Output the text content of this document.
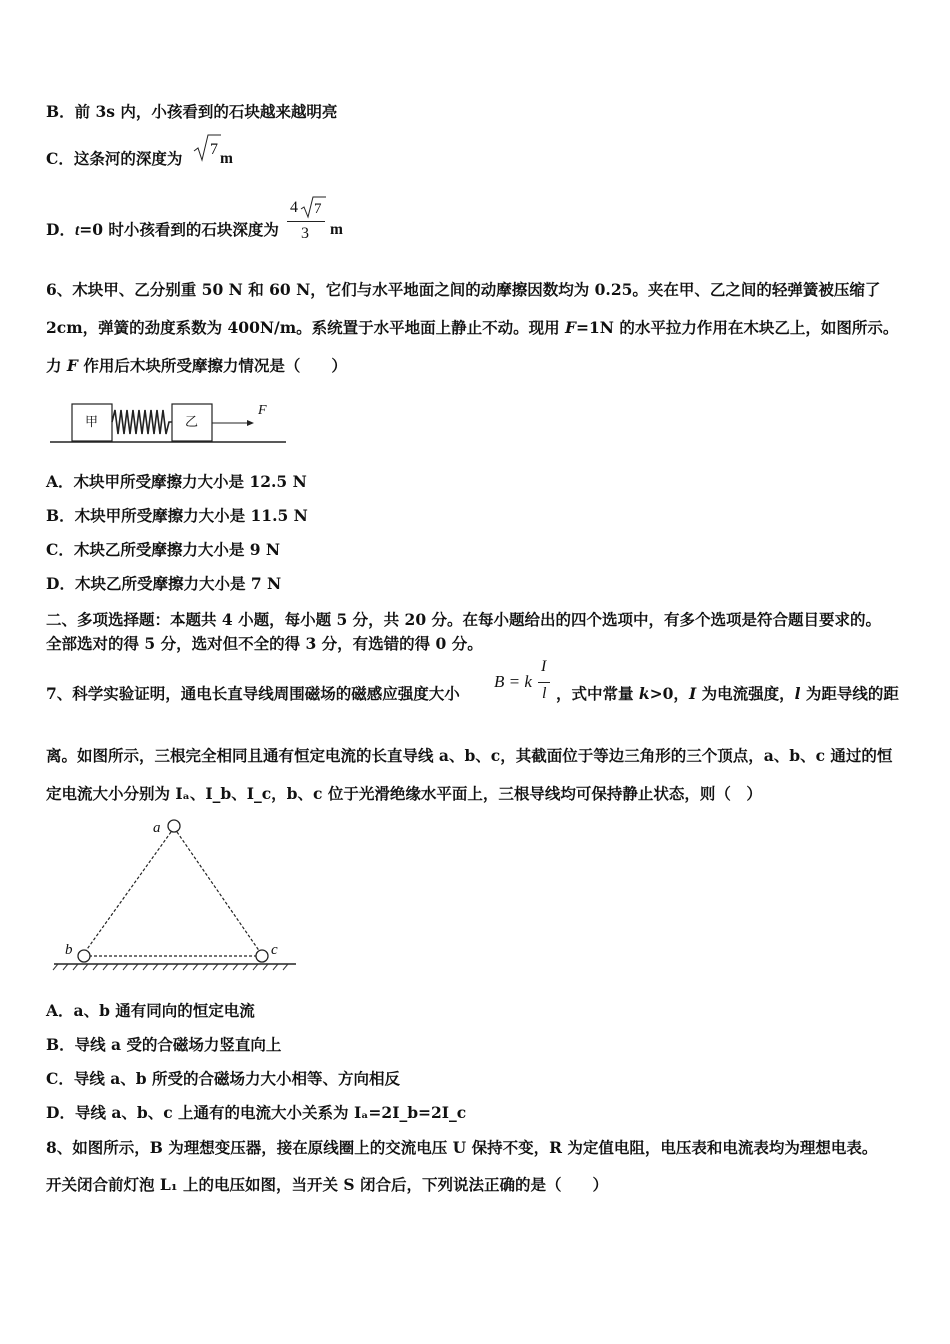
B．前 3s 内，小孩看到的石块越来越明亮
C．这条河的深度为 7
m
D．t=0 时小孩看到的石块深度为
4 7
3 m
6、木块甲、乙分别重 50 N 和 60 N，它们与水平地面之间的动摩擦因数均为 0.25。夹在甲、乙之间的轻弹簧被压缩了
2cm，弹簧的劲度系数为 400N/m。系统置于水平地面上静止不动。现用 F=1N 的水平拉力作用在木块乙上，如图所示。
力 F 作用后木块所受摩擦力情况是（　　）
甲	乙
F
A．木块甲所受摩擦力大小是 12.5 N
B．木块甲所受摩擦力大小是 11.5 N
C．木块乙所受摩擦力大小是 9 N
D．木块乙所受摩擦力大小是 7 N
二、多项选择题：本题共 4 小题，每小题 5 分，共 20 分。在每小题给出的四个选项中，有多个选项是符合题目要求的。
全部选对的得 5 分，选对但不全的得 3 分，有选错的得 0 分。
7、科学实验证明，通电长直导线周围磁场的磁感应强度大小
B = k
I
l ，式中常量 k>0，I 为电流强度，l 为距导线的距
离。如图所示，三根完全相同且通有恒定电流的长直导线 a、b、c，其截面位于等边三角形的三个顶点，a、b、c 通过的恒
定电流大小分别为 Iₐ、I_b、I_c，b、c 位于光滑绝缘水平面上，三根导线均可保持静止状态，则（　）
a
b	c
A．a、b 通有同向的恒定电流
B．导线 a 受的合磁场力竖直向上
C．导线 a、b 所受的合磁场力大小相等、方向相反
D．导线 a、b、c 上通有的电流大小关系为 Iₐ=2I_b=2I_c
8、如图所示，B 为理想变压器，接在原线圈上的交流电压 U 保持不变，R 为定值电阻，电压表和电流表均为理想电表。
开关闭合前灯泡 L₁ 上的电压如图，当开关 S 闭合后，下列说法正确的是（　　）
